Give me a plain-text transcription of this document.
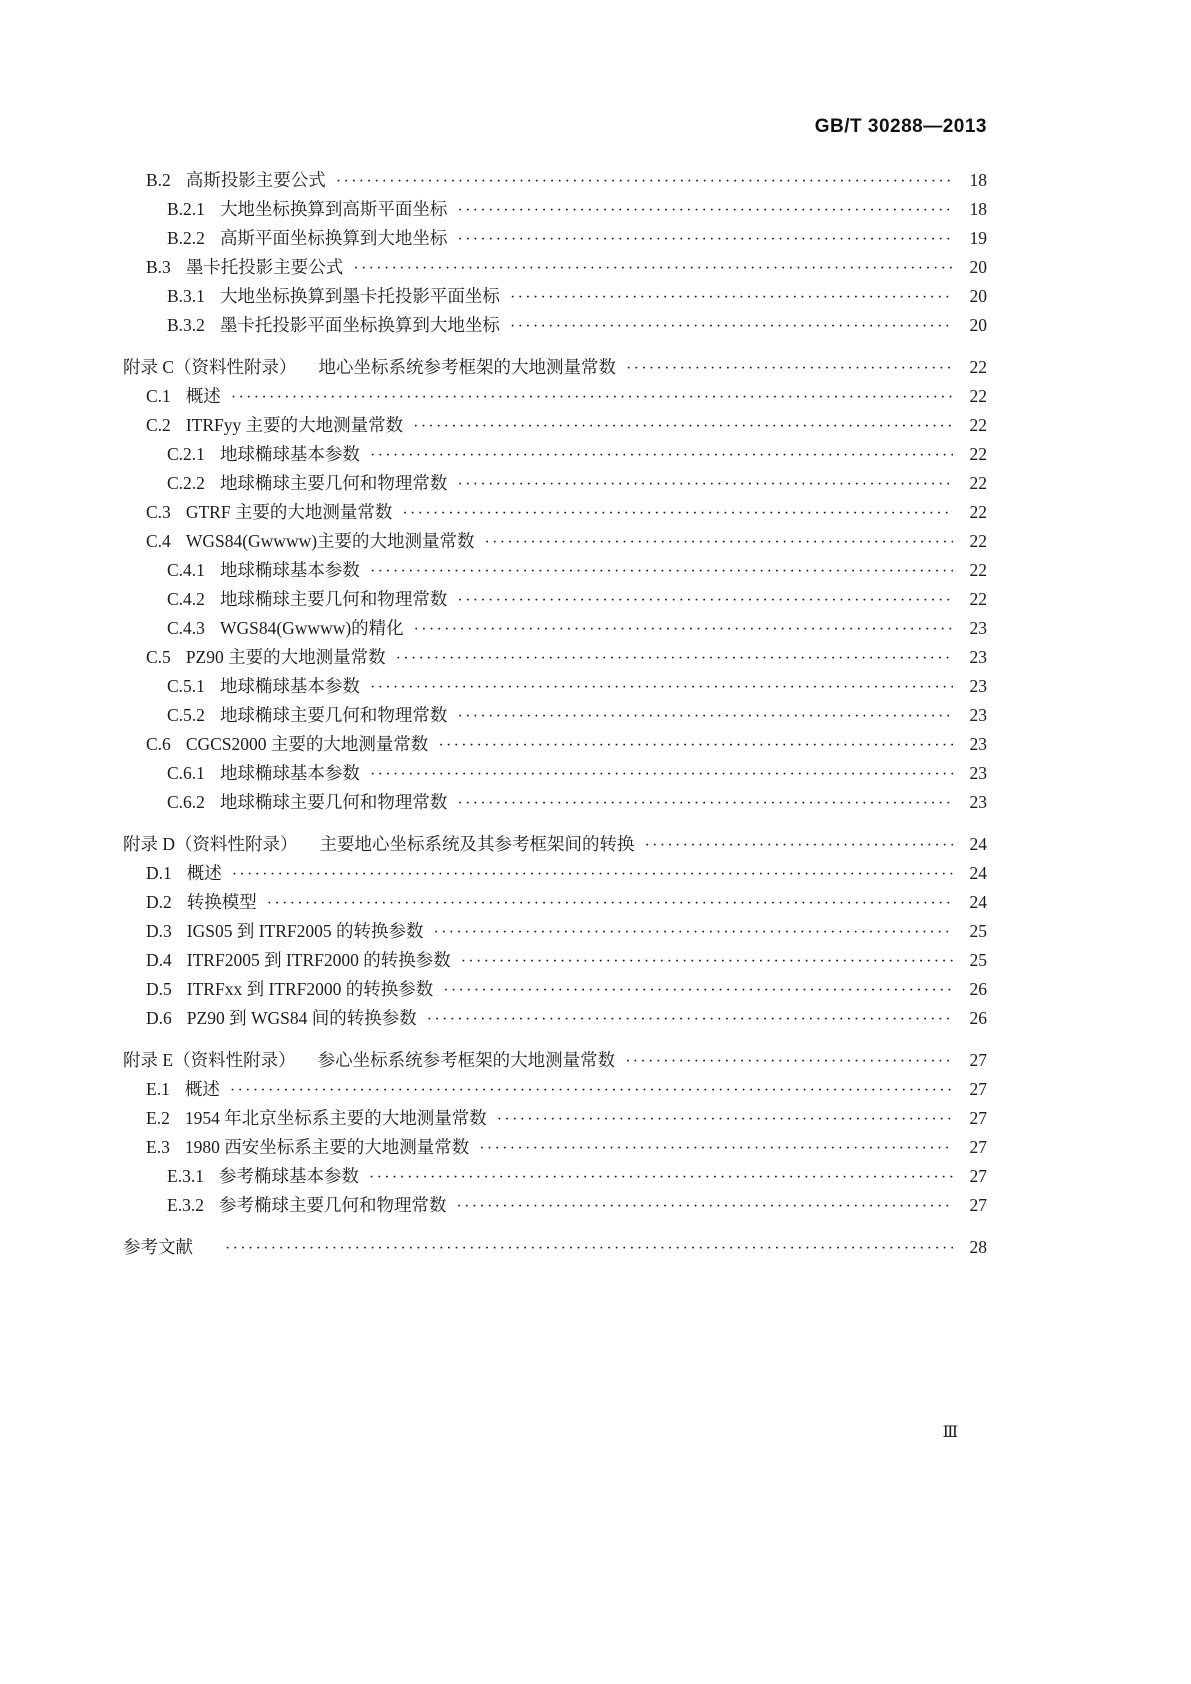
GB/T 30288—2013
B.2 高斯投影主要公式 ·····	18
B.2.1 大地坐标换算到高斯平面坐标 ·····	18
B.2.2 高斯平面坐标换算到大地坐标 ·····	19
B.3 墨卡托投影主要公式 ·····	20
B.3.1 大地坐标换算到墨卡托投影平面坐标 ·····	20
B.3.2 墨卡托投影平面坐标换算到大地坐标 ·····	20
附录 C（资料性附录） 地心坐标系统参考框架的大地测量常数 ·····	22
C.1 概述 ·····	22
C.2 ITRFyy 主要的大地测量常数 ·····	22
C.2.1 地球椭球基本参数 ·····	22
C.2.2 地球椭球主要几何和物理常数 ·····	22
C.3 GTRF 主要的大地测量常数 ·····	22
C.4 WGS84(Gwwww)主要的大地测量常数 ·····	22
C.4.1 地球椭球基本参数 ·····	22
C.4.2 地球椭球主要几何和物理常数 ·····	22
C.4.3 WGS84(Gwwww)的精化 ·····	23
C.5 PZ90 主要的大地测量常数 ·····	23
C.5.1 地球椭球基本参数 ·····	23
C.5.2 地球椭球主要几何和物理常数 ·····	23
C.6 CGCS2000 主要的大地测量常数 ·····	23
C.6.1 地球椭球基本参数 ·····	23
C.6.2 地球椭球主要几何和物理常数 ·····	23
附录 D（资料性附录） 主要地心坐标系统及其参考框架间的转换 ·····	24
D.1 概述 ·····	24
D.2 转换模型 ·····	24
D.3 IGS05 到 ITRF2005 的转换参数 ·····	25
D.4 ITRF2005 到 ITRF2000 的转换参数 ·····	25
D.5 ITRFxx 到 ITRF2000 的转换参数 ·····	26
D.6 PZ90 到 WGS84 间的转换参数 ·····	26
附录 E（资料性附录） 参心坐标系统参考框架的大地测量常数 ·····	27
E.1 概述 ·····	27
E.2 1954 年北京坐标系主要的大地测量常数 ·····	27
E.3 1980 西安坐标系主要的大地测量常数 ·····	27
E.3.1 参考椭球基本参数 ·····	27
E.3.2 参考椭球主要几何和物理常数 ·····	27
参考文献 ·····	28
Ⅲ
